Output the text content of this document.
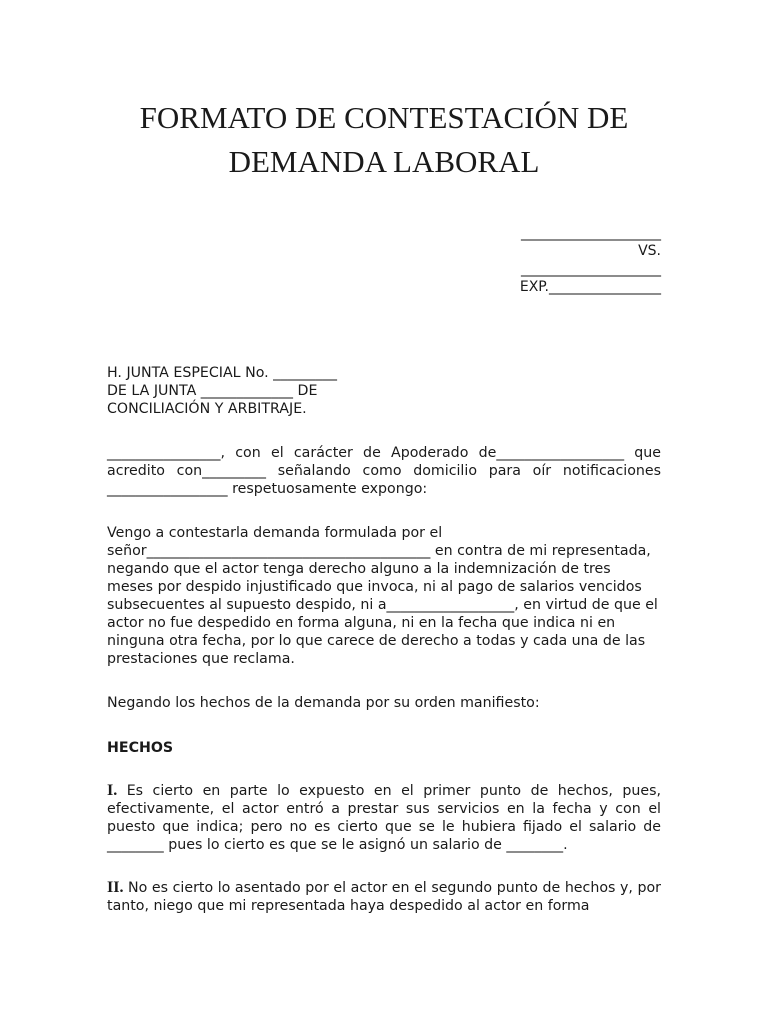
FORMATO DE CONTESTACIÓN DE
DEMANDA LABORAL
____________________
VS.
____________________
EXP.________________

H. JUNTA ESPECIAL No. _________
DE LA JUNTA _____________ DE
CONCILIACIÓN Y ARBITRAJE.

________________, con el carácter de Apoderado de__________________ que acredito con_________ señalando como domicilio para oír notificaciones _________________ respetuosamente expongo:

Vengo a contestarla demanda formulada por el señor________________________________________ en contra de mi representada, negando que el actor tenga derecho alguno a la indemnización de tres meses por despido injustificado que invoca, ni al pago de salarios vencidos subsecuentes al supuesto despido, ni a__________________, en virtud de que el actor no fue despedido en forma alguna, ni en la fecha que indica ni en ninguna otra fecha, por lo que carece de derecho a todas y cada una de las prestaciones que reclama.

Negando los hechos de la demanda por su orden manifiesto:

HECHOS

I. Es cierto en parte lo expuesto en el primer punto de hechos, pues, efectivamente, el actor entró a prestar sus servicios en la fecha y con el puesto que indica; pero no es cierto que se le hubiera fijado el salario de ________ pues lo cierto es que se le asignó un salario de ________.

II. No es cierto lo asentado por el actor en el segundo punto de hechos y, por tanto, niego que mi representada haya despedido al actor en forma
